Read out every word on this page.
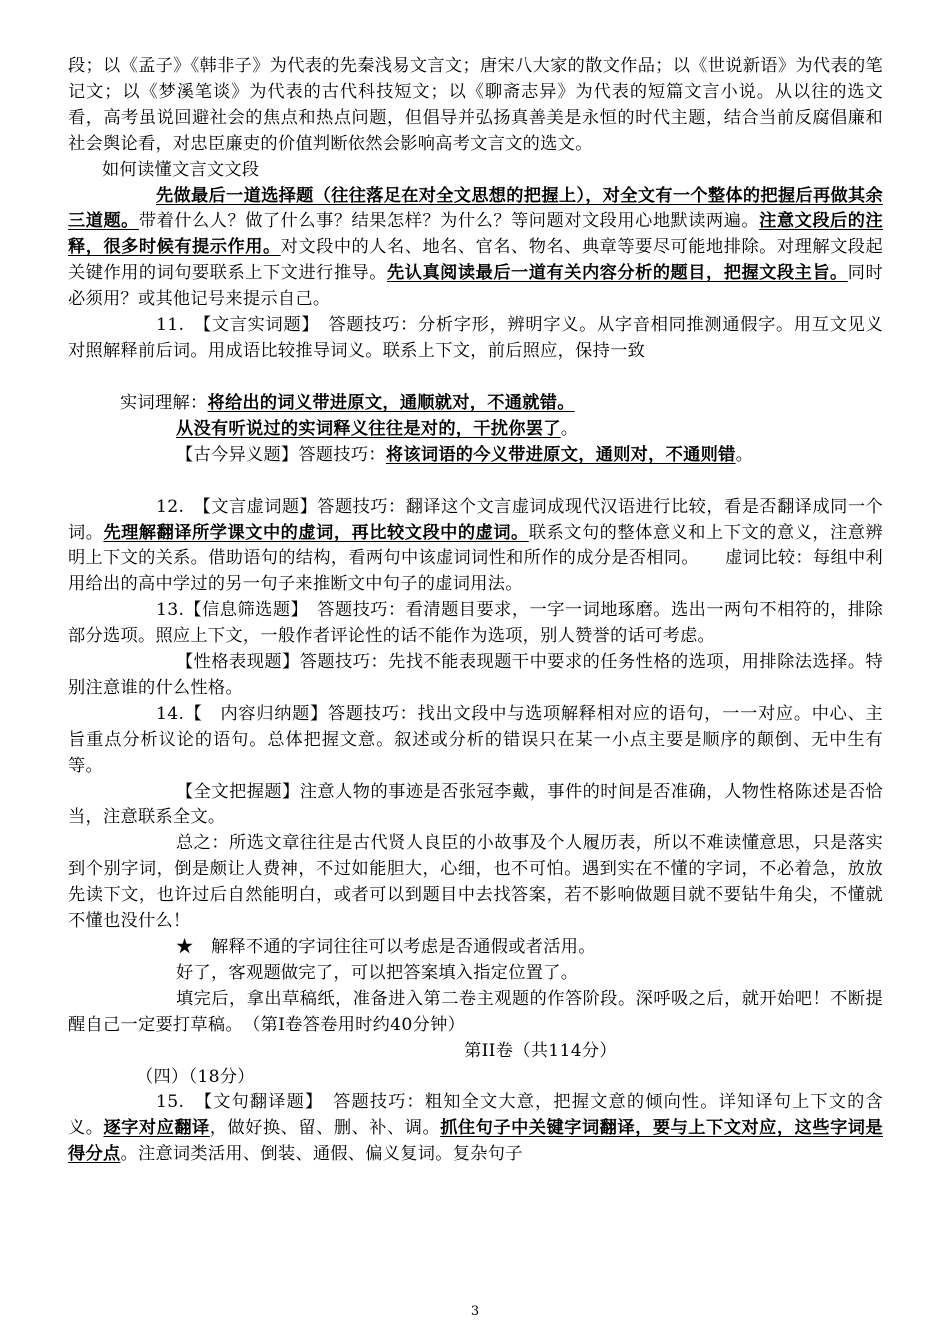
段；以《孟子》《韩非子》为代表的先秦浅易文言文；唐宋八大家的散文作品；以《世说新语》为代表的笔记文；以《梦溪笔谈》为代表的古代科技短文；以《聊斋志异》为代表的短篇文言小说。从以往的选文看，高考虽说回避社会的焦点和热点问题，但倡导并弘扬真善美是永恒的时代主题，结合当前反腐倡廉和社会舆论看，对忠臣廉吏的价值判断依然会影响高考文言文的选文。

如何读懂文言文文段

先做最后一道选择题（往往落足在对全文思想的把握上），对全文有一个整体的把握后再做其余三道题。带着什么人？做了什么事？结果怎样？为什么？等问题对文段用心地默读两遍。注意文段后的注释，很多时候有提示作用。对文段中的人名、地名、官名、物名、典章等要尽可能地排除。对理解文段起关键作用的词句要联系上下文进行推导。先认真阅读最后一道有关内容分析的题目，把握文段主旨。同时必须用？或其他记号来提示自己。

11.　【文言实词题】　答题技巧：分析字形，辨明字义。从字音相同推测通假字。用互文见义对照解释前后词。用成语比较推导词义。联系上下文，前后照应，保持一致

实词理解：将给出的词义带进原文，通顺就对，不通就错。

从没有听说过的实词释义往往是对的，干扰你罢了。

【古今异义题】答题技巧：将该词语的今义带进原文，通则对，不通则错。

12.　【文言虚词题】答题技巧：翻译这个文言虚词成现代汉语进行比较，看是否翻译成同一个词。先理解翻译所学课文中的虚词，再比较文段中的虚词。联系文句的整体意义和上下文的意义，注意辨明上下文的关系。借助语句的结构，看两句中该虚词词性和所作的成分是否相同。　　虚词比较：每组中利用给出的高中学过的另一句子来推断文中句子的虚词用法。

13.【信息筛选题】　答题技巧：看清题目要求，一字一词地琢磨。选出一两句不相符的，排除部分选项。照应上下文，一般作者评论性的话不能作为选项，别人赞誉的话可考虑。

【性格表现题】答题技巧：先找不能表现题干中要求的任务性格的选项，用排除法选择。特别注意谁的什么性格。

14.【　内容归纳题】答题技巧：找出文段中与选项解释相对应的语句，一一对应。中心、主旨重点分析议论的语句。总体把握文意。叙述或分析的错误只在某一小点主要是顺序的颠倒、无中生有等。

【全文把握题】注意人物的事迹是否张冠李戴，事件的时间是否准确，人物性格陈述是否恰当，注意联系全文。

总之：所选文章往往是古代贤人良臣的小故事及个人履历表，所以不难读懂意思，只是落实到个别字词，倒是颇让人费神，不过如能胆大，心细，也不可怕。遇到实在不懂的字词，不必着急，放放先读下文，也许过后自然能明白，或者可以到题目中去找答案，若不影响做题目就不要钻牛角尖，不懂就不懂也没什么！

★　解释不通的字词往往可以考虑是否通假或者活用。

好了，客观题做完了，可以把答案填入指定位置了。

填完后，拿出草稿纸，准备进入第二卷主观题的作答阶段。深呼吸之后，就开始吧！不断提醒自己一定要打草稿。　（第Ⅰ卷答卷用时约40分钟）

第II卷（共114分）

（四）（18分）

15.　【文句翻译题】　答题技巧：粗知全文大意，把握文意的倾向性。详知译句上下文的含义。逐字对应翻译，做好换、留、删、补、调。抓住句子中关键字词翻译，要与上下文对应，这些字词是得分点。注意词类活用、倒装、通假、偏义复词。复杂句子

3
